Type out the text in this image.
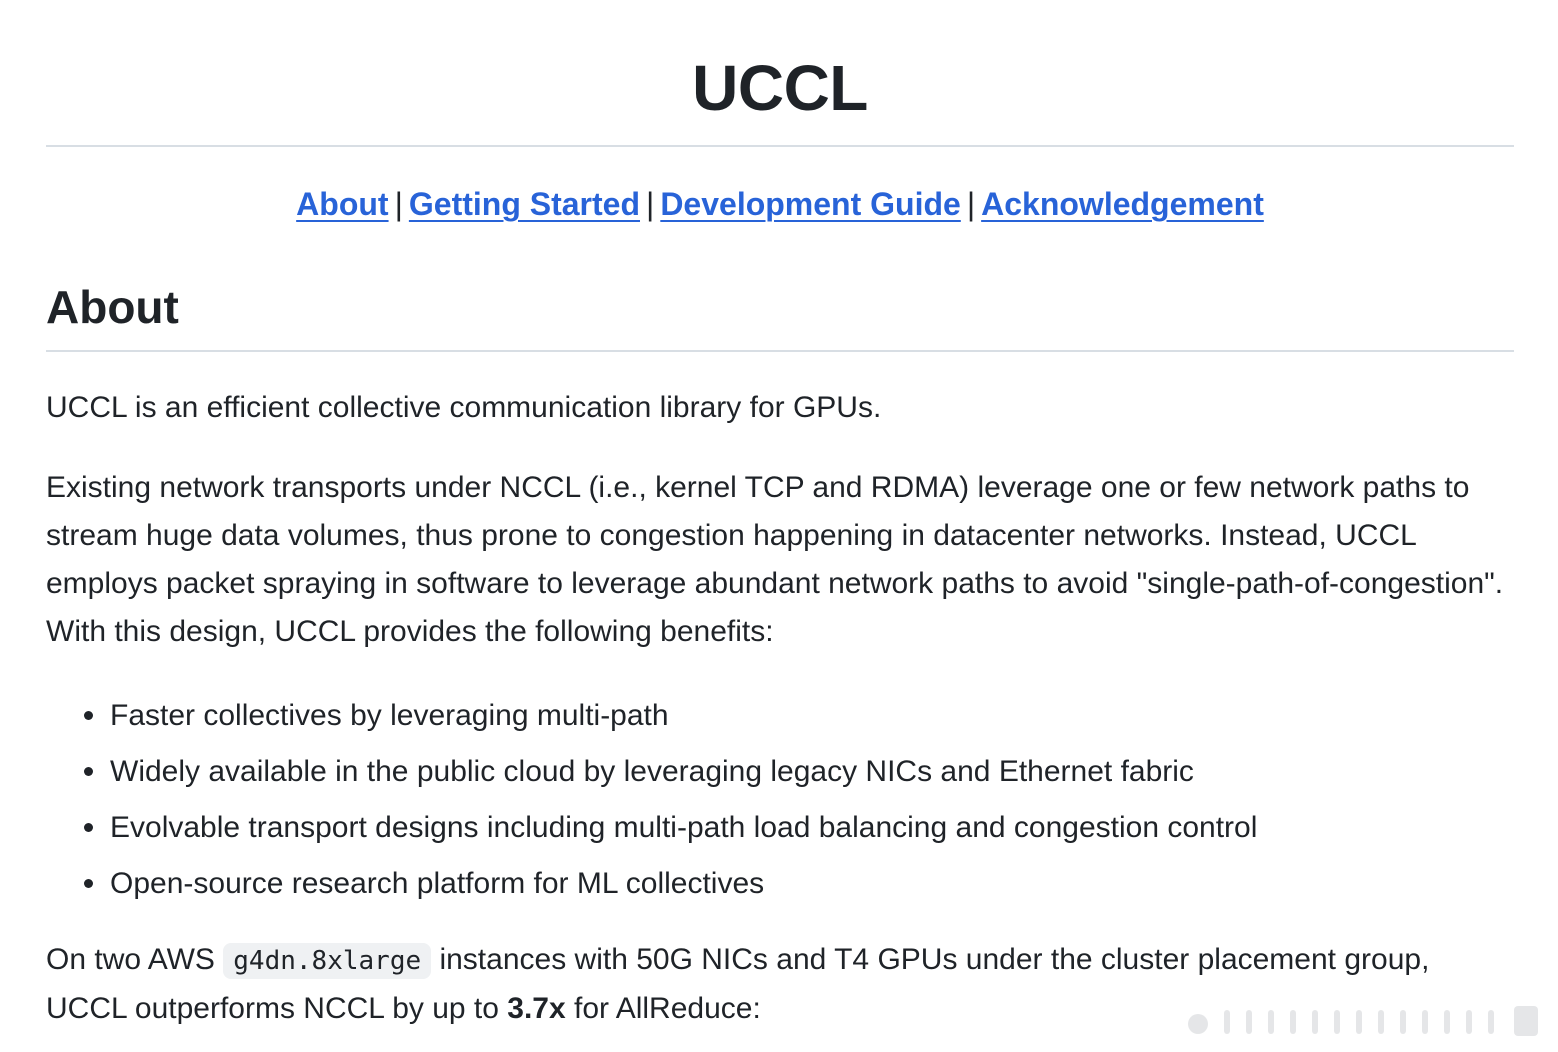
UCCL
About | Getting Started | Development Guide | Acknowledgement
About

UCCL is an efficient collective communication library for GPUs.

Existing network transports under NCCL (i.e., kernel TCP and RDMA) leverage one or few network paths to stream huge data volumes, thus prone to congestion happening in datacenter networks. Instead, UCCL employs packet spraying in software to leverage abundant network paths to avoid "single-path-of-congestion". With this design, UCCL provides the following benefits:

Faster collectives by leveraging multi-path
Widely available in the public cloud by leveraging legacy NICs and Ethernet fabric
Evolvable transport designs including multi-path load balancing and congestion control
Open-source research platform for ML collectives

On two AWS g4dn.8xlarge instances with 50G NICs and T4 GPUs under the cluster placement group, UCCL outperforms NCCL by up to 3.7x for AllReduce:
